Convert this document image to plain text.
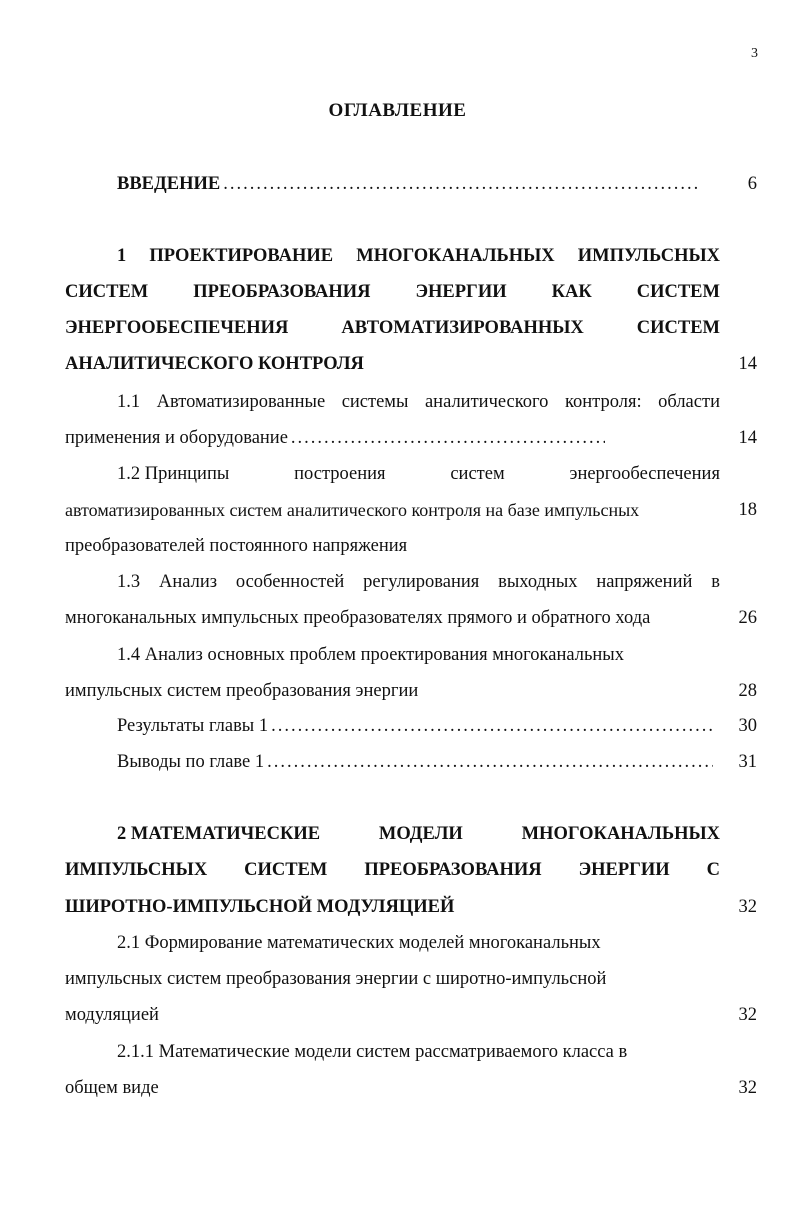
3
ОГЛАВЛЕНИЕ
ВВЕДЕНИЕ .....	6
1 ПРОЕКТИРОВАНИЕ МНОГОКАНАЛЬНЫХ ИМПУЛЬСНЫХ
СИСТЕМ ПРЕОБРАЗОВАНИЯ ЭНЕРГИИ КАК СИСТЕМ
ЭНЕРГООБЕСПЕЧЕНИЯ	АВТОМАТИЗИРОВАННЫХ	СИСТЕМ
АНАЛИТИЧЕСКОГО КОНТРОЛЯ	14
1.1 Автоматизированные системы аналитического контроля: области
применения и оборудование .....	14
1.2 Принципы	построения	систем	энергообеспечения
автоматизированных систем аналитического контроля на базе импульсных	18
преобразователей постоянного напряжения
1.3 Анализ особенностей регулирования выходных напряжений в
многоканальных импульсных преобразователях прямого и обратного хода	26
1.4 Анализ основных проблем проектирования многоканальных
импульсных систем преобразования энергии	28
Результаты главы 1 .....	30
Выводы по главе 1 .....	31
2 МАТЕМАТИЧЕСКИЕ	МОДЕЛИ	МНОГОКАНАЛЬНЫХ
ИМПУЛЬСНЫХ СИСТЕМ ПРЕОБРАЗОВАНИЯ ЭНЕРГИИ С
ШИРОТНО-ИМПУЛЬСНОЙ МОДУЛЯЦИЕЙ	32
2.1 Формирование математических моделей многоканальных
импульсных систем преобразования энергии с широтно-импульсной
модуляцией	32
2.1.1 Математические модели систем рассматриваемого класса в
общем виде	32
